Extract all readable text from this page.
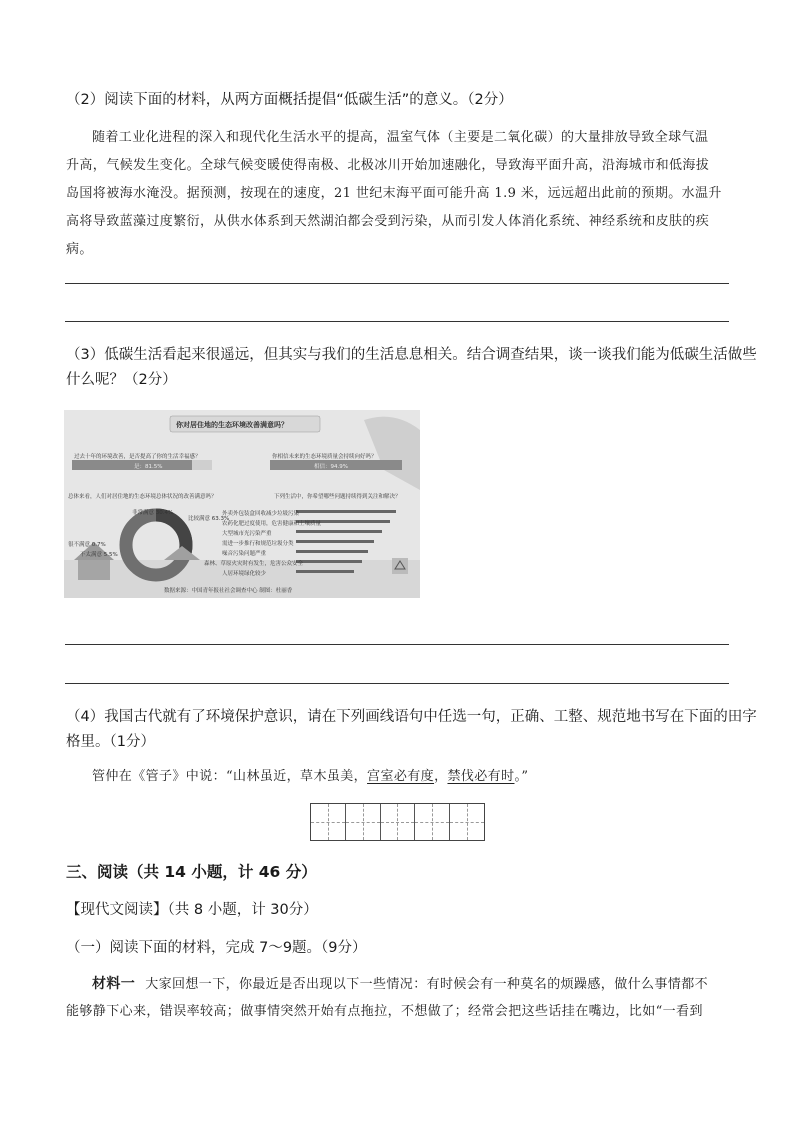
（2）阅读下面的材料，从两方面概括提倡“低碳生活”的意义。（2分）
随着工业化进程的深入和现代化生活水平的提高，温室气体（主要是二氧化碳）的大量排放导致全球气温
升高，气候发生变化。全球气候变暖使得南极、北极冰川开始加速融化，导致海平面升高，沿海城市和低海拔
岛国将被海水淹没。据预测，按现在的速度，21 世纪末海平面可能升高 1.9 米，远远超出此前的预期。水温升
高将导致蓝藻过度繁衍，从供水体系到天然湖泊都会受到污染，从而引发人体消化系统、神经系统和皮肤的疾
病。
（3）低碳生活看起来很遥远，但其实与我们的生活息息相关。结合调查结果，谈一谈我们能为低碳生活做些
什么呢？（2分）
你对居住地的生态环境改善满意吗？
过去十年的环境改善，是否提高了你的生活幸福感？
是：81.5%
你相信未来的生态环境质量会持续向好吗？
相信：94.9%
总体来看，人们对居住地的生态环境总体状况的改善满意吗？	下列生活中，你希望哪些问题持续得到关注和解决？
非常满意 30.4%
比较满意 63.3%
很不满意 0.7%
不太满意 5.5%
外卖外包装盒回收减少垃圾污染
农药化肥过度使用，危害健康和土壤质量
大型城市光污染严重
需进一步推行和规范垃圾分类
噪音污染问题严重
森林、草原火灾时有发生，危害公众安全
人居环境绿化较少
数据来源：中国青年报社社会调查中心 制图：杜丽香
（4）我国古代就有了环境保护意识，请在下列画线语句中任选一句，正确、工整、规范地书写在下面的田字
格里。（1分）
管仲在《管子》中说：“山林虽近，草木虽美，宫室必有度，禁伐必有时。”
三、阅读（共 14 小题，计 46 分）
【现代文阅读】（共 8 小题，计 30分）
（一）阅读下面的材料，完成 7～9题。（9分）
材料一 大家回想一下，你最近是否出现以下一些情况：有时候会有一种莫名的烦躁感，做什么事情都不
能够静下心来，错误率较高；做事情突然开始有点拖拉，不想做了；经常会把这些话挂在嘴边，比如“一看到
